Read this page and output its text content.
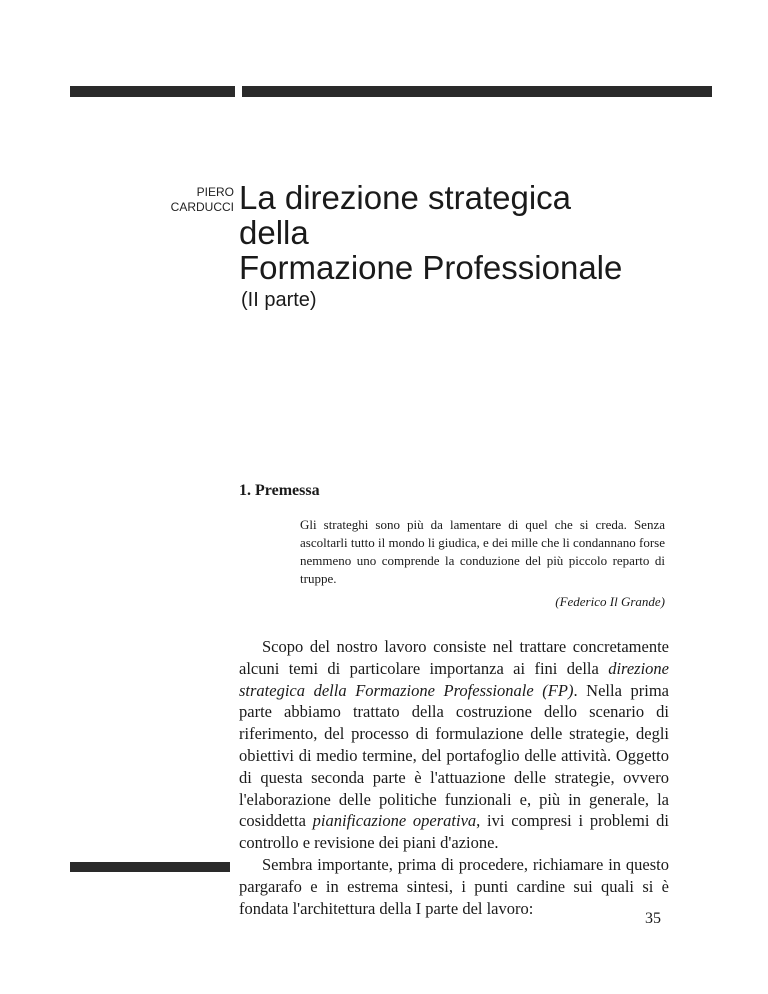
PIERO
CARDUCCI La direzione strategica
della
Formazione Professionale
(II parte)
1. Premessa
Gli strateghi sono più da lamentare di quel che si creda. Senza ascoltarli tutto il mondo li giudica, e dei mille che li condannano forse nemmeno uno comprende la conduzione del più piccolo reparto di truppe.
(Federico Il Grande)

Scopo del nostro lavoro consiste nel trattare concretamente alcuni temi di particolare importanza ai fini della direzione strategica della Formazione Professionale (FP). Nella prima parte abbiamo trattato della costruzione dello scenario di riferimento, del processo di formulazione delle strategie, degli obiettivi di medio termine, del portafoglio delle attività. Oggetto di questa seconda parte è l'attuazione delle strategie, ovvero l'elaborazione delle politiche funzionali e, più in generale, la cosiddetta pianificazione operativa, ivi compresi i problemi di controllo e revisione dei piani d'azione.

Sembra importante, prima di procedere, richiamare in questo pargarafo e in estrema sintesi, i punti cardine sui quali si è fondata l'architettura della I parte del lavoro:

35
